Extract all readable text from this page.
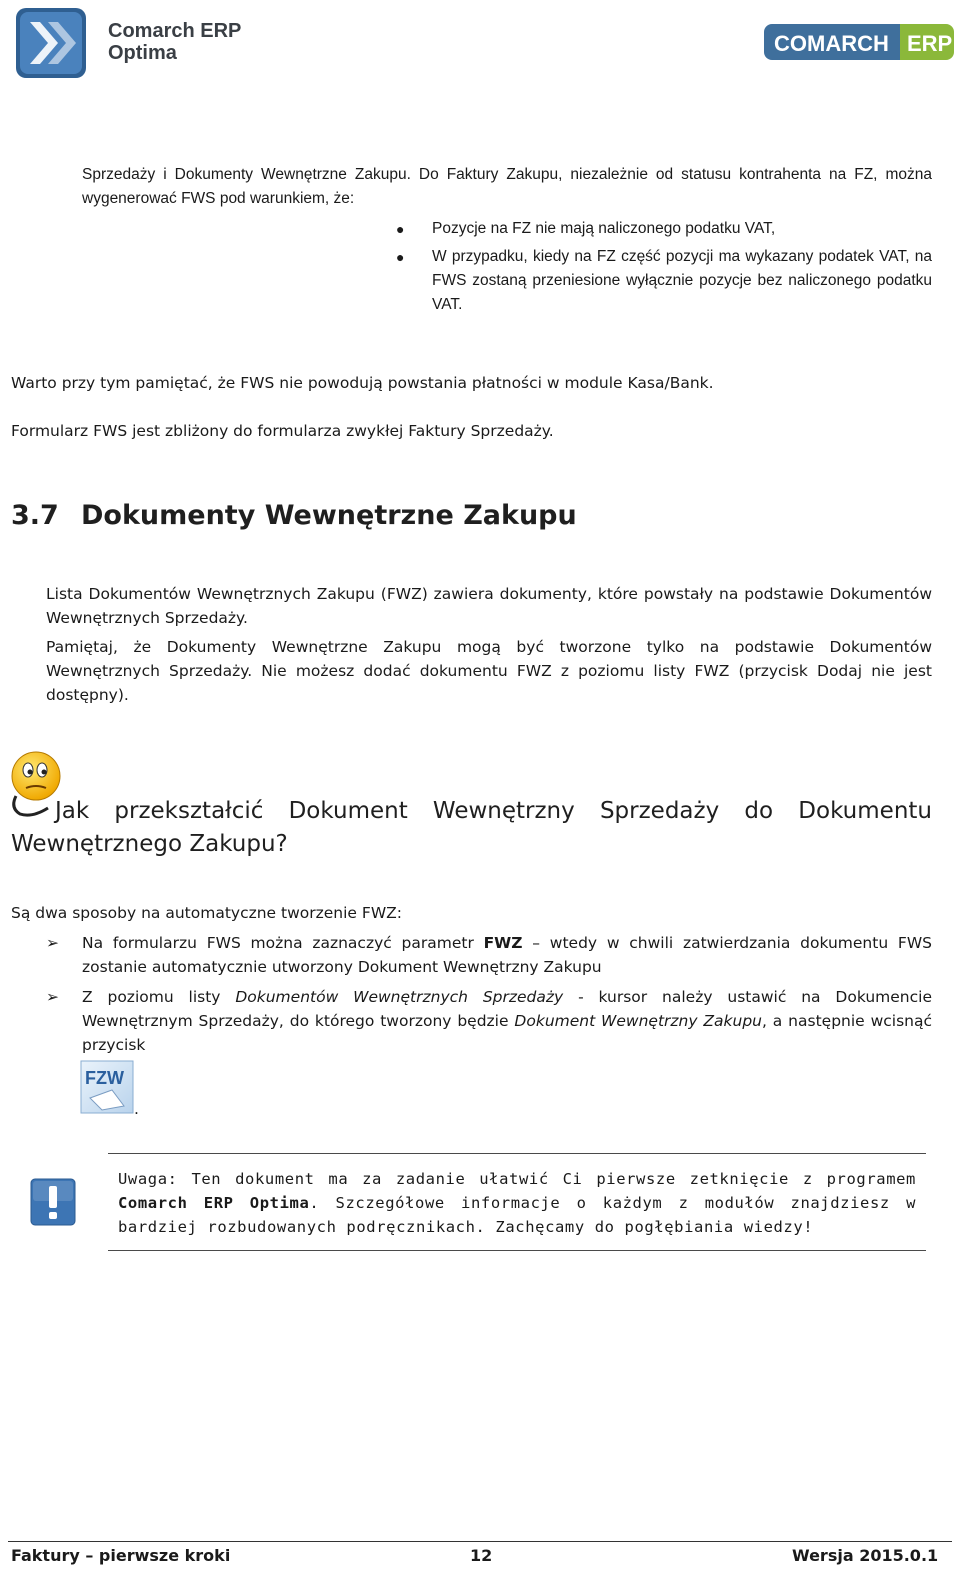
Comarch ERP
Optima	COMARCH ERP

Sprzedaży i Dokumenty Wewnętrzne Zakupu. Do Faktury Zakupu, niezależnie od statusu kontrahenta na FZ, można wygenerować FWS pod warunkiem, że:

● Pozycje na FZ nie mają naliczonego podatku VAT,
● W przypadku, kiedy na FZ część pozycji ma wykazany podatek VAT, na FWS zostaną przeniesione wyłącznie pozycje bez naliczonego podatku VAT.

Warto przy tym pamiętać, że FWS nie powodują powstania płatności w module Kasa/Bank.

Formularz FWS jest zbliżony do formularza zwykłej Faktury Sprzedaży.

3.7 Dokumenty Wewnętrzne Zakupu

Lista Dokumentów Wewnętrznych Zakupu (FWZ) zawiera dokumenty, które powstały na podstawie Dokumentów Wewnętrznych Sprzedaży.

Pamiętaj, że Dokumenty Wewnętrzne Zakupu mogą być tworzone tylko na podstawie Dokumentów Wewnętrznych Sprzedaży. Nie możesz dodać dokumentu FWZ z poziomu listy FWZ (przycisk Dodaj nie jest dostępny).

Jak przekształcić Dokument Wewnętrzny Sprzedaży do Dokumentu Wewnętrznego Zakupu?

Są dwa sposoby na automatyczne tworzenie FWZ:

➢ Na formularzu FWS można zaznaczyć parametr FWZ – wtedy w chwili zatwierdzania dokumentu FWS zostanie automatycznie utworzony Dokument Wewnętrzny Zakupu
➢ Z poziomu listy Dokumentów Wewnętrznych Sprzedaży - kursor należy ustawić na Dokumencie Wewnętrznym Sprzedaży, do którego tworzony będzie Dokument Wewnętrzny Zakupu, a następnie wcisnąć przycisk
FZW
.

Uwaga: Ten dokument ma za zadanie ułatwić Ci pierwsze zetknięcie z programem Comarch ERP Optima. Szczegółowe informacje o każdym z modułów znajdziesz w bardziej rozbudowanych podręcznikach. Zachęcamy do pogłębiania wiedzy!

Faktury – pierwsze kroki	12	Wersja 2015.0.1
